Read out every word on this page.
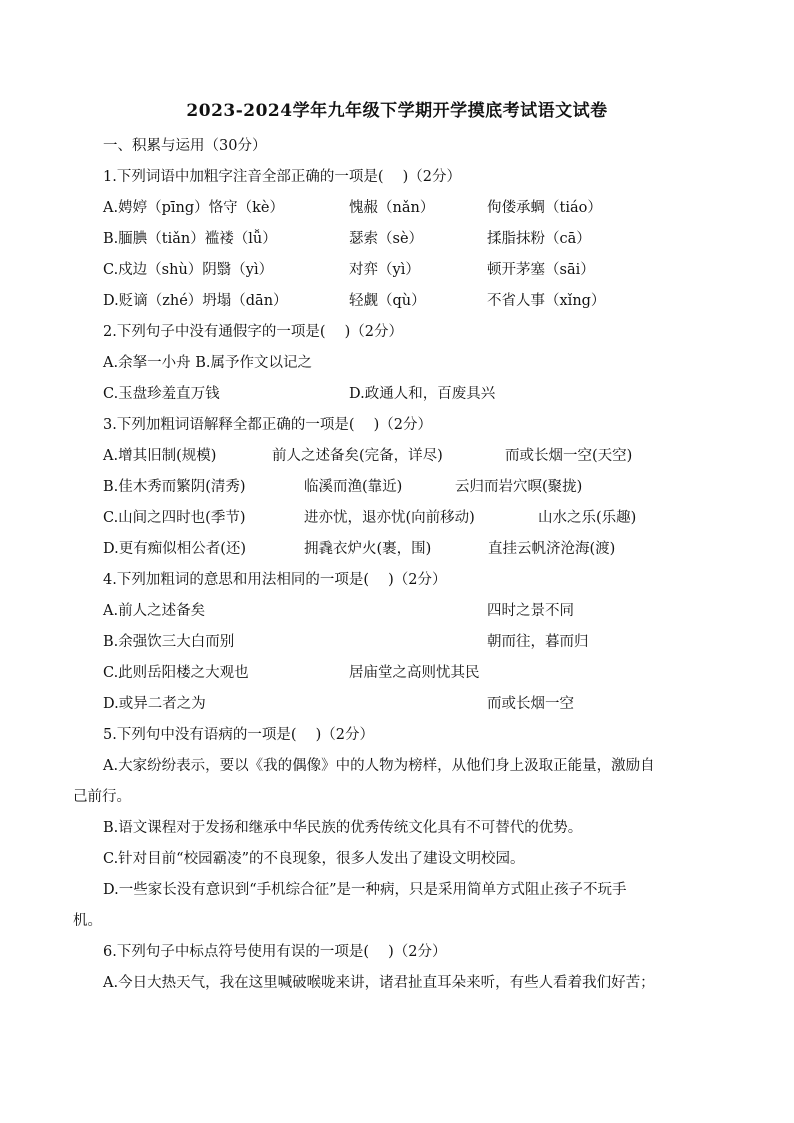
2023-2024学年九年级下学期开学摸底考试语文试卷
一、积累与运用（30分）
1.下列词语中加粗字注音全部正确的一项是(　 )（2分）
A.娉婷（pīng）恪守（kè）	愧赧（nǎn）	佝偻承蜩（tiáo）
B.腼腆（tiǎn）褴褛（lǚ）	瑟索（sè）	揉脂抹粉（cā）
C.戍边（shù）阴翳（yì）	对弈（yì）	顿开茅塞（sāi）
D.贬谪（zhé）坍塌（dān）	轻觑（qù）	不省人事（xǐng）
2.下列句子中没有通假字的一项是(　 )（2分）
A.余拏一小舟 B.属予作文以记之
C.玉盘珍羞直万钱	D.政通人和，百废具兴
3.下列加粗词语解释全都正确的一项是(　 )（2分）
A.增其旧制(规模)	前人之述备矣(完备，详尽)	而或长烟一空(天空)
B.佳木秀而繁阴(清秀)	临溪而渔(靠近)	云归而岩穴暝(聚拢)
C.山间之四时也(季节)	进亦忧，退亦忧(向前移动)	山水之乐(乐趣)
D.更有痴似相公者(还)	拥毳衣炉火(裹，围)	直挂云帆济沧海(渡)
4.下列加粗词的意思和用法相同的一项是(　 )（2分）
A.前人之述备矣	四时之景不同
B.余强饮三大白而别	朝而往，暮而归
C.此则岳阳楼之大观也	居庙堂之高则忧其民
D.或异二者之为	而或长烟一空
5.下列句中没有语病的一项是(　 )（2分）
A.大家纷纷表示，要以《我的偶像》中的人物为榜样，从他们身上汲取正能量，激励自
己前行。
B.语文课程对于发扬和继承中华民族的优秀传统文化具有不可替代的优势。
C.针对目前“校园霸凌”的不良现象，很多人发出了建设文明校园。
D.一些家长没有意识到“手机综合征”是一种病，只是采用简单方式阻止孩子不玩手
机。
6.下列句子中标点符号使用有误的一项是(　 )（2分）
A.今日大热天气，我在这里喊破喉咙来讲，诸君扯直耳朵来听，有些人看着我们好苦；
